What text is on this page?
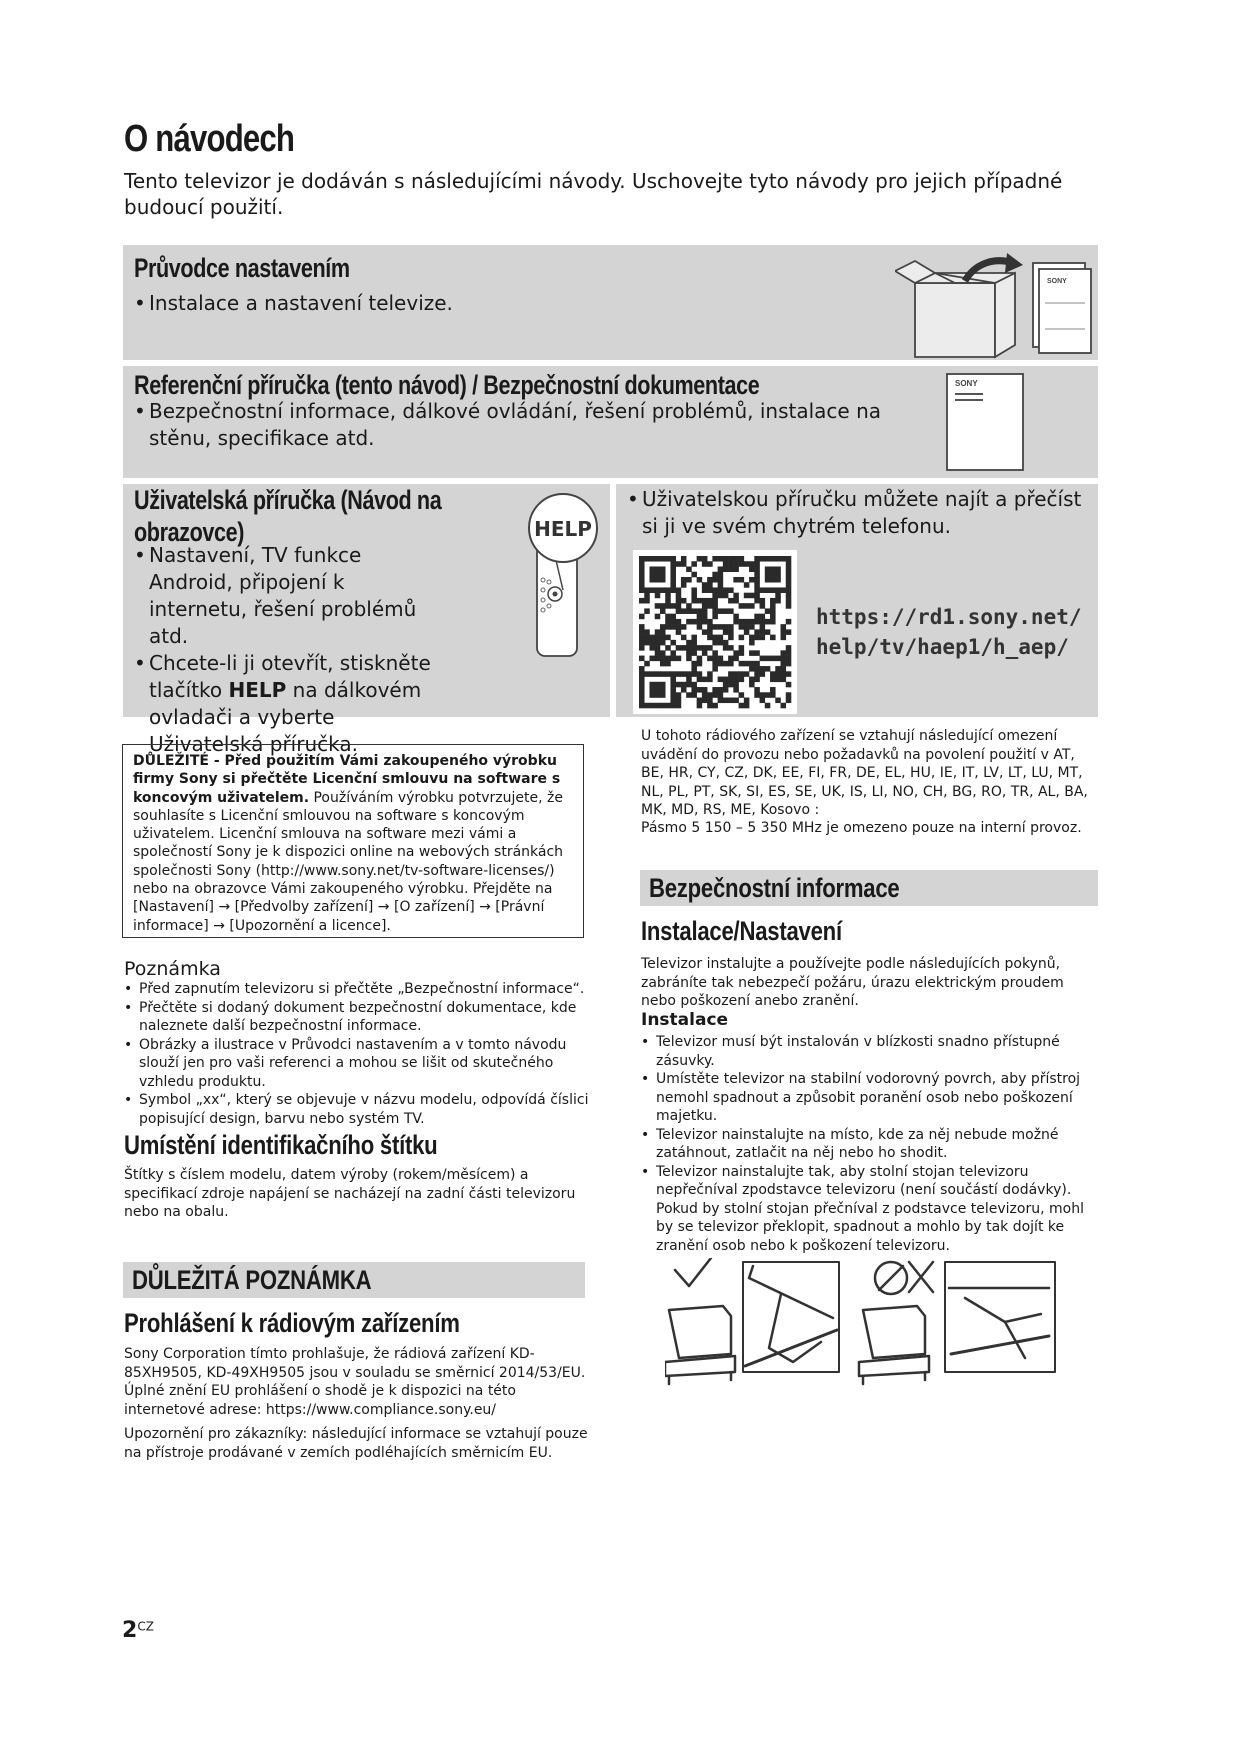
O návodech
Tento televizor je dodáván s následujícími návody. Uschovejte tyto návody pro jejich případné budoucí použití.
Průvodce nastavením
• Instalace a nastavení televize.
SONY
Referenční příručka (tento návod) / Bezpečnostní dokumentace
• Bezpečnostní informace, dálkové ovládání, řešení problémů, instalace na stěnu, specifikace atd.
SONY
Uživatelská příručka (Návod na
obrazovce)
• Nastavení, TV funkce Android, připojení k internetu, řešení problémů atd.
• Chcete-li ji otevřít, stiskněte tlačítko HELP na dálkovém ovladači a vyberte Uživatelská příručka.
HELP
• Uživatelskou příručku můžete najít a přečíst si ji ve svém chytrém telefonu.
https://rd1.sony.net/
help/tv/haep1/h_aep/
DŮLEŽITÉ - Před použitím Vámi zakoupeného výrobku firmy Sony si přečtěte Licenční smlouvu na software s koncovým uživatelem. Používáním výrobku potvrzujete, že souhlasíte s Licenční smlouvou na software s koncovým uživatelem. Licenční smlouva na software mezi vámi a společností Sony je k dispozici online na webových stránkách společnosti Sony (http://www.sony.net/tv-software-licenses/) nebo na obrazovce Vámi zakoupeného výrobku. Přejděte na [Nastavení] → [Předvolby zařízení] → [O zařízení] → [Právní informace] → [Upozornění a licence].
Poznámka
• Před zapnutím televizoru si přečtěte „Bezpečnostní informace“.
• Přečtěte si dodaný dokument bezpečnostní dokumentace, kde naleznete další bezpečnostní informace.
• Obrázky a ilustrace v Průvodci nastavením a v tomto návodu slouží jen pro vaši referenci a mohou se lišit od skutečného vzhledu produktu.
• Symbol „xx“, který se objevuje v názvu modelu, odpovídá číslici popisující design, barvu nebo systém TV.
Umístění identifikačního štítku
Štítky s číslem modelu, datem výroby (rokem/měsícem) a specifikací zdroje napájení se nacházejí na zadní části televizoru nebo na obalu.
DŮLEŽITÁ POZNÁMKA
Prohlášení k rádiovým zařízením
Sony Corporation tímto prohlašuje, že rádiová zařízení KD-85XH9505, KD-49XH9505 jsou v souladu se směrnicí 2014/53/EU. Úplné znění EU prohlášení o shodě je k dispozici na této internetové adrese: https://www.compliance.sony.eu/
Upozornění pro zákazníky: následující informace se vztahují pouze na přístroje prodávané v zemích podléhajících směrnicím EU.
U tohoto rádiového zařízení se vztahují následující omezení uvádění do provozu nebo požadavků na povolení použití v AT, BE, HR, CY, CZ, DK, EE, FI, FR, DE, EL, HU, IE, IT, LV, LT, LU, MT, NL, PL, PT, SK, SI, ES, SE, UK, IS, LI, NO, CH, BG, RO, TR, AL, BA, MK, MD, RS, ME, Kosovo :
Pásmo 5 150 – 5 350 MHz je omezeno pouze na interní provoz.
Bezpečnostní informace
Instalace/Nastavení
Televizor instalujte a používejte podle následujících pokynů, zabráníte tak nebezpečí požáru, úrazu elektrickým proudem nebo poškození anebo zranění.
Instalace
• Televizor musí být instalován v blízkosti snadno přístupné zásuvky.
• Umístěte televizor na stabilní vodorovný povrch, aby přístroj nemohl spadnout a způsobit poranění osob nebo poškození majetku.
• Televizor nainstalujte na místo, kde za něj nebude možné zatáhnout, zatlačit na něj nebo ho shodit.
• Televizor nainstalujte tak, aby stolní stojan televizoru nepřečníval zpodstavce televizoru (není součástí dodávky). Pokud by stolní stojan přečníval z podstavce televizoru, mohl by se televizor překlopit, spadnout a mohlo by tak dojít ke zranění osob nebo k poškození televizoru.
$2^{CZ}$
